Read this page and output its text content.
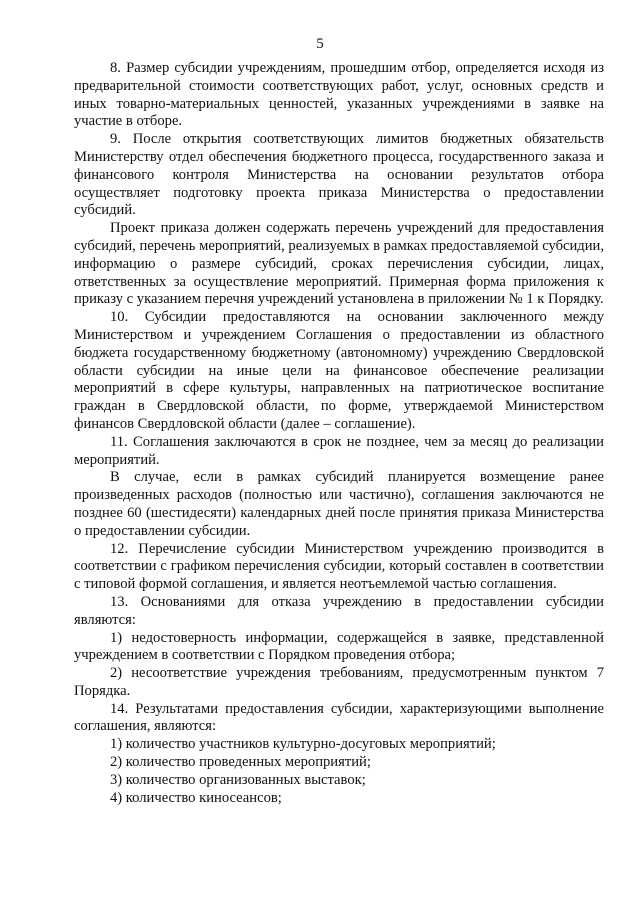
5

8. Размер субсидии учреждениям, прошедшим отбор, определяется исходя из предварительной стоимости соответствующих работ, услуг, основных средств и иных товарно-материальных ценностей, указанных учреждениями в заявке на участие в отборе.

9. После открытия соответствующих лимитов бюджетных обязательств Министерству отдел обеспечения бюджетного процесса, государственного заказа и финансового контроля Министерства на основании результатов отбора осуществляет подготовку проекта приказа Министерства о предоставлении субсидий.

Проект приказа должен содержать перечень учреждений для предоставления субсидий, перечень мероприятий, реализуемых в рамках предоставляемой субсидии, информацию о размере субсидий, сроках перечисления субсидии, лицах, ответственных за осуществление мероприятий. Примерная форма приложения к приказу с указанием перечня учреждений установлена в приложении № 1 к Порядку.

10. Субсидии предоставляются на основании заключенного между Министерством и учреждением Соглашения о предоставлении из областного бюджета государственному бюджетному (автономному) учреждению Свердловской области субсидии на иные цели на финансовое обеспечение реализации мероприятий в сфере культуры, направленных на патриотическое воспитание граждан в Свердловской области, по форме, утверждаемой Министерством финансов Свердловской области (далее – соглашение).

11. Соглашения заключаются в срок не позднее, чем за месяц до реализации мероприятий.

В случае, если в рамках субсидий планируется возмещение ранее произведенных расходов (полностью или частично), соглашения заключаются не позднее 60 (шестидесяти) календарных дней после принятия приказа Министерства о предоставлении субсидии.

12. Перечисление субсидии Министерством учреждению производится в соответствии с графиком перечисления субсидии, который составлен в соответствии с типовой формой соглашения, и является неотъемлемой частью соглашения.

13. Основаниями для отказа учреждению в предоставлении субсидии являются:

1) недостоверность информации, содержащейся в заявке, представленной учреждением в соответствии с Порядком проведения отбора;

2) несоответствие учреждения требованиям, предусмотренным пунктом 7 Порядка.

14. Результатами предоставления субсидии, характеризующими выполнение соглашения, являются:

1) количество участников культурно-досуговых мероприятий;

2) количество проведенных мероприятий;

3) количество организованных выставок;

4) количество киносеансов;
